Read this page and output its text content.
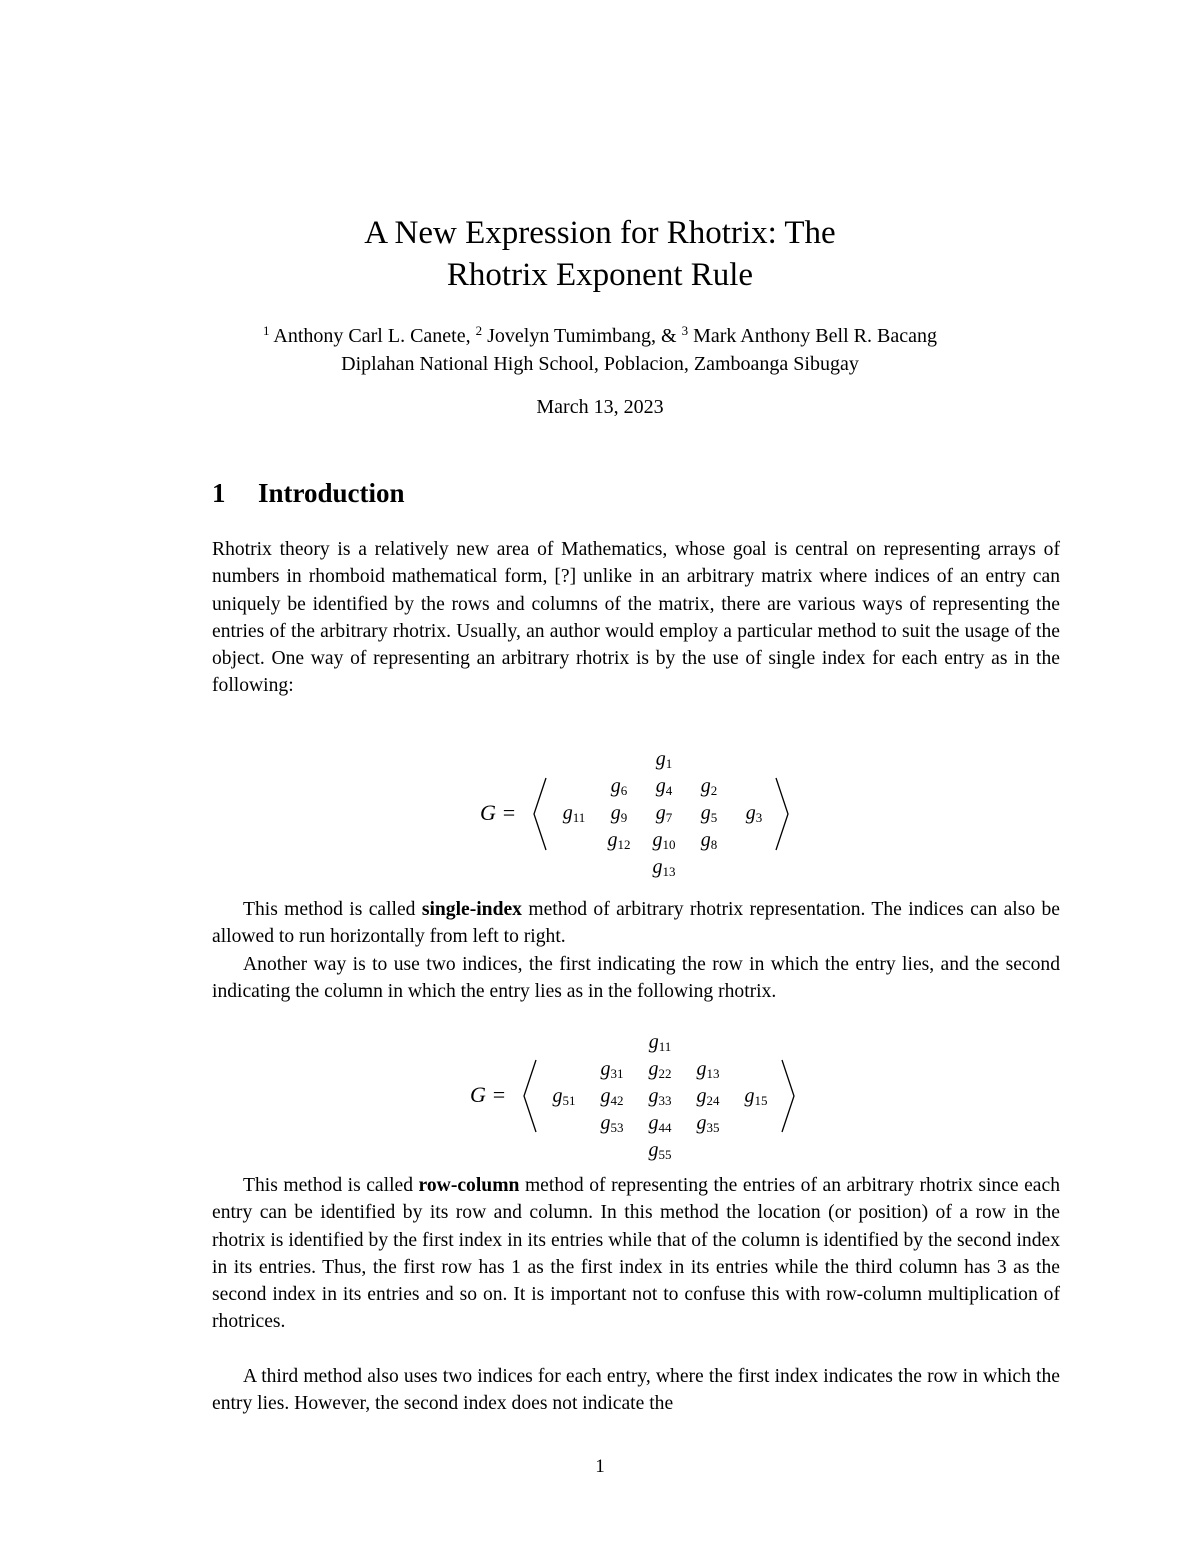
A New Expression for Rhotrix: The
Rhotrix Exponent Rule
$^1$ Anthony Carl L. Canete, $^2$ Jovelyn Tumimbang, & $^3$ Mark Anthony Bell R. Bacang
Diplahan National High School, Poblacion, Zamboanga Sibugay
March 13, 2023
1 Introduction

Rhotrix theory is a relatively new area of Mathematics, whose goal is central on representing arrays of numbers in rhomboid mathematical form, [?] unlike in an arbitrary matrix where indices of an entry can uniquely be identified by the rows and columns of the matrix, there are various ways of representing the entries of the arbitrary rhotrix. Usually, an author would employ a particular method to suit the usage of the object. One way of representing an arbitrary rhotrix is by the use of single index for each entry as in the following:

G =
$g_1$
$g_6$ $g_4$ $g_2$
$g_{11}$ $g_9$ $g_7$ $g_5$ $g_3$
$g_{12}$ $g_{10}$ $g_8$
$g_{13}$

This method is called single-index method of arbitrary rhotrix representation. The indices can also be allowed to run horizontally from left to right.

Another way is to use two indices, the first indicating the row in which the entry lies, and the second indicating the column in which the entry lies as in the following rhotrix.

G =
$g_{11}$
$g_{31}$ $g_{22}$ $g_{13}$
$g_{51}$ $g_{42}$ $g_{33}$ $g_{24}$ $g_{15}$
$g_{53}$ $g_{44}$ $g_{35}$
$g_{55}$

This method is called row-column method of representing the entries of an arbitrary rhotrix since each entry can be identified by its row and column. In this method the location (or position) of a row in the rhotrix is identified by the first index in its entries while that of the column is identified by the second index in its entries. Thus, the first row has 1 as the first index in its entries while the third column has 3 as the second index in its entries and so on. It is important not to confuse this with row-column multiplication of rhotrices.

A third method also uses two indices for each entry, where the first index indicates the row in which the entry lies. However, the second index does not indicate the

1
